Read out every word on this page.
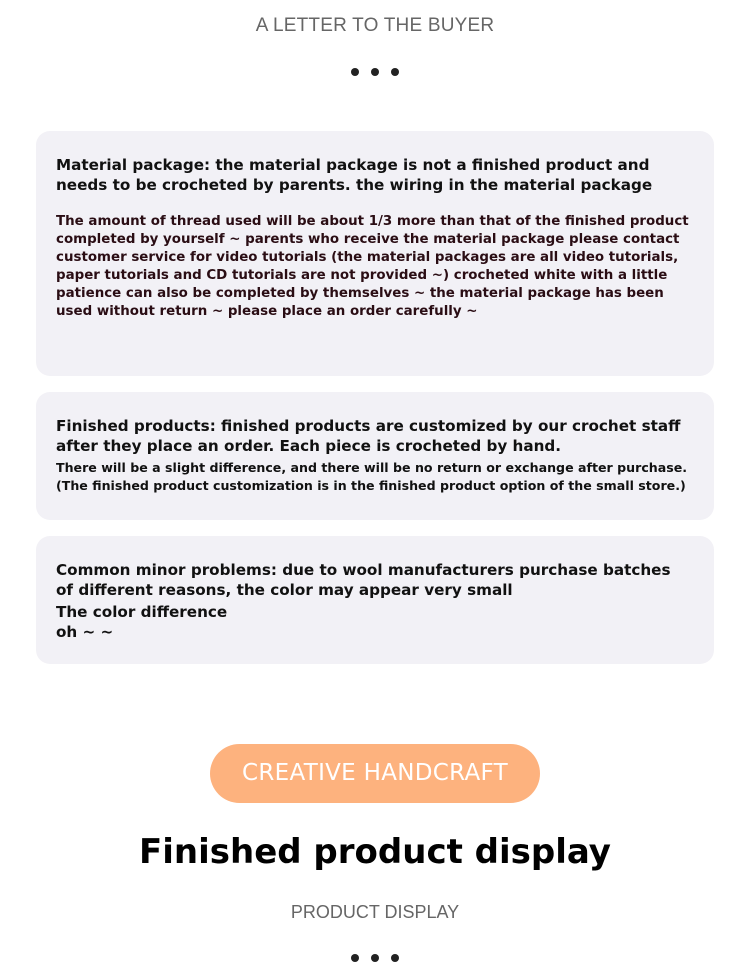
A LETTER TO THE BUYER
Material package: the material package is not a finished product and needs to be crocheted by parents. the wiring in the material package
The amount of thread used will be about 1/3 more than that of the finished product completed by yourself ~ parents who receive the material package please contact customer service for video tutorials (the material packages are all video tutorials, paper tutorials and CD tutorials are not provided ~) crocheted white with a little patience can also be completed by themselves ~ the material package has been used without return ~ please place an order carefully ~
Finished products: finished products are customized by our crochet staff after they place an order. Each piece is crocheted by hand.
There will be a slight difference, and there will be no return or exchange after purchase. (The finished product customization is in the finished product option of the small store.)
Common minor problems: due to wool manufacturers purchase batches of different reasons, the color may appear very small
The color difference
oh ~ ~
CREATIVE HANDCRAFT
Finished product display
PRODUCT DISPLAY
